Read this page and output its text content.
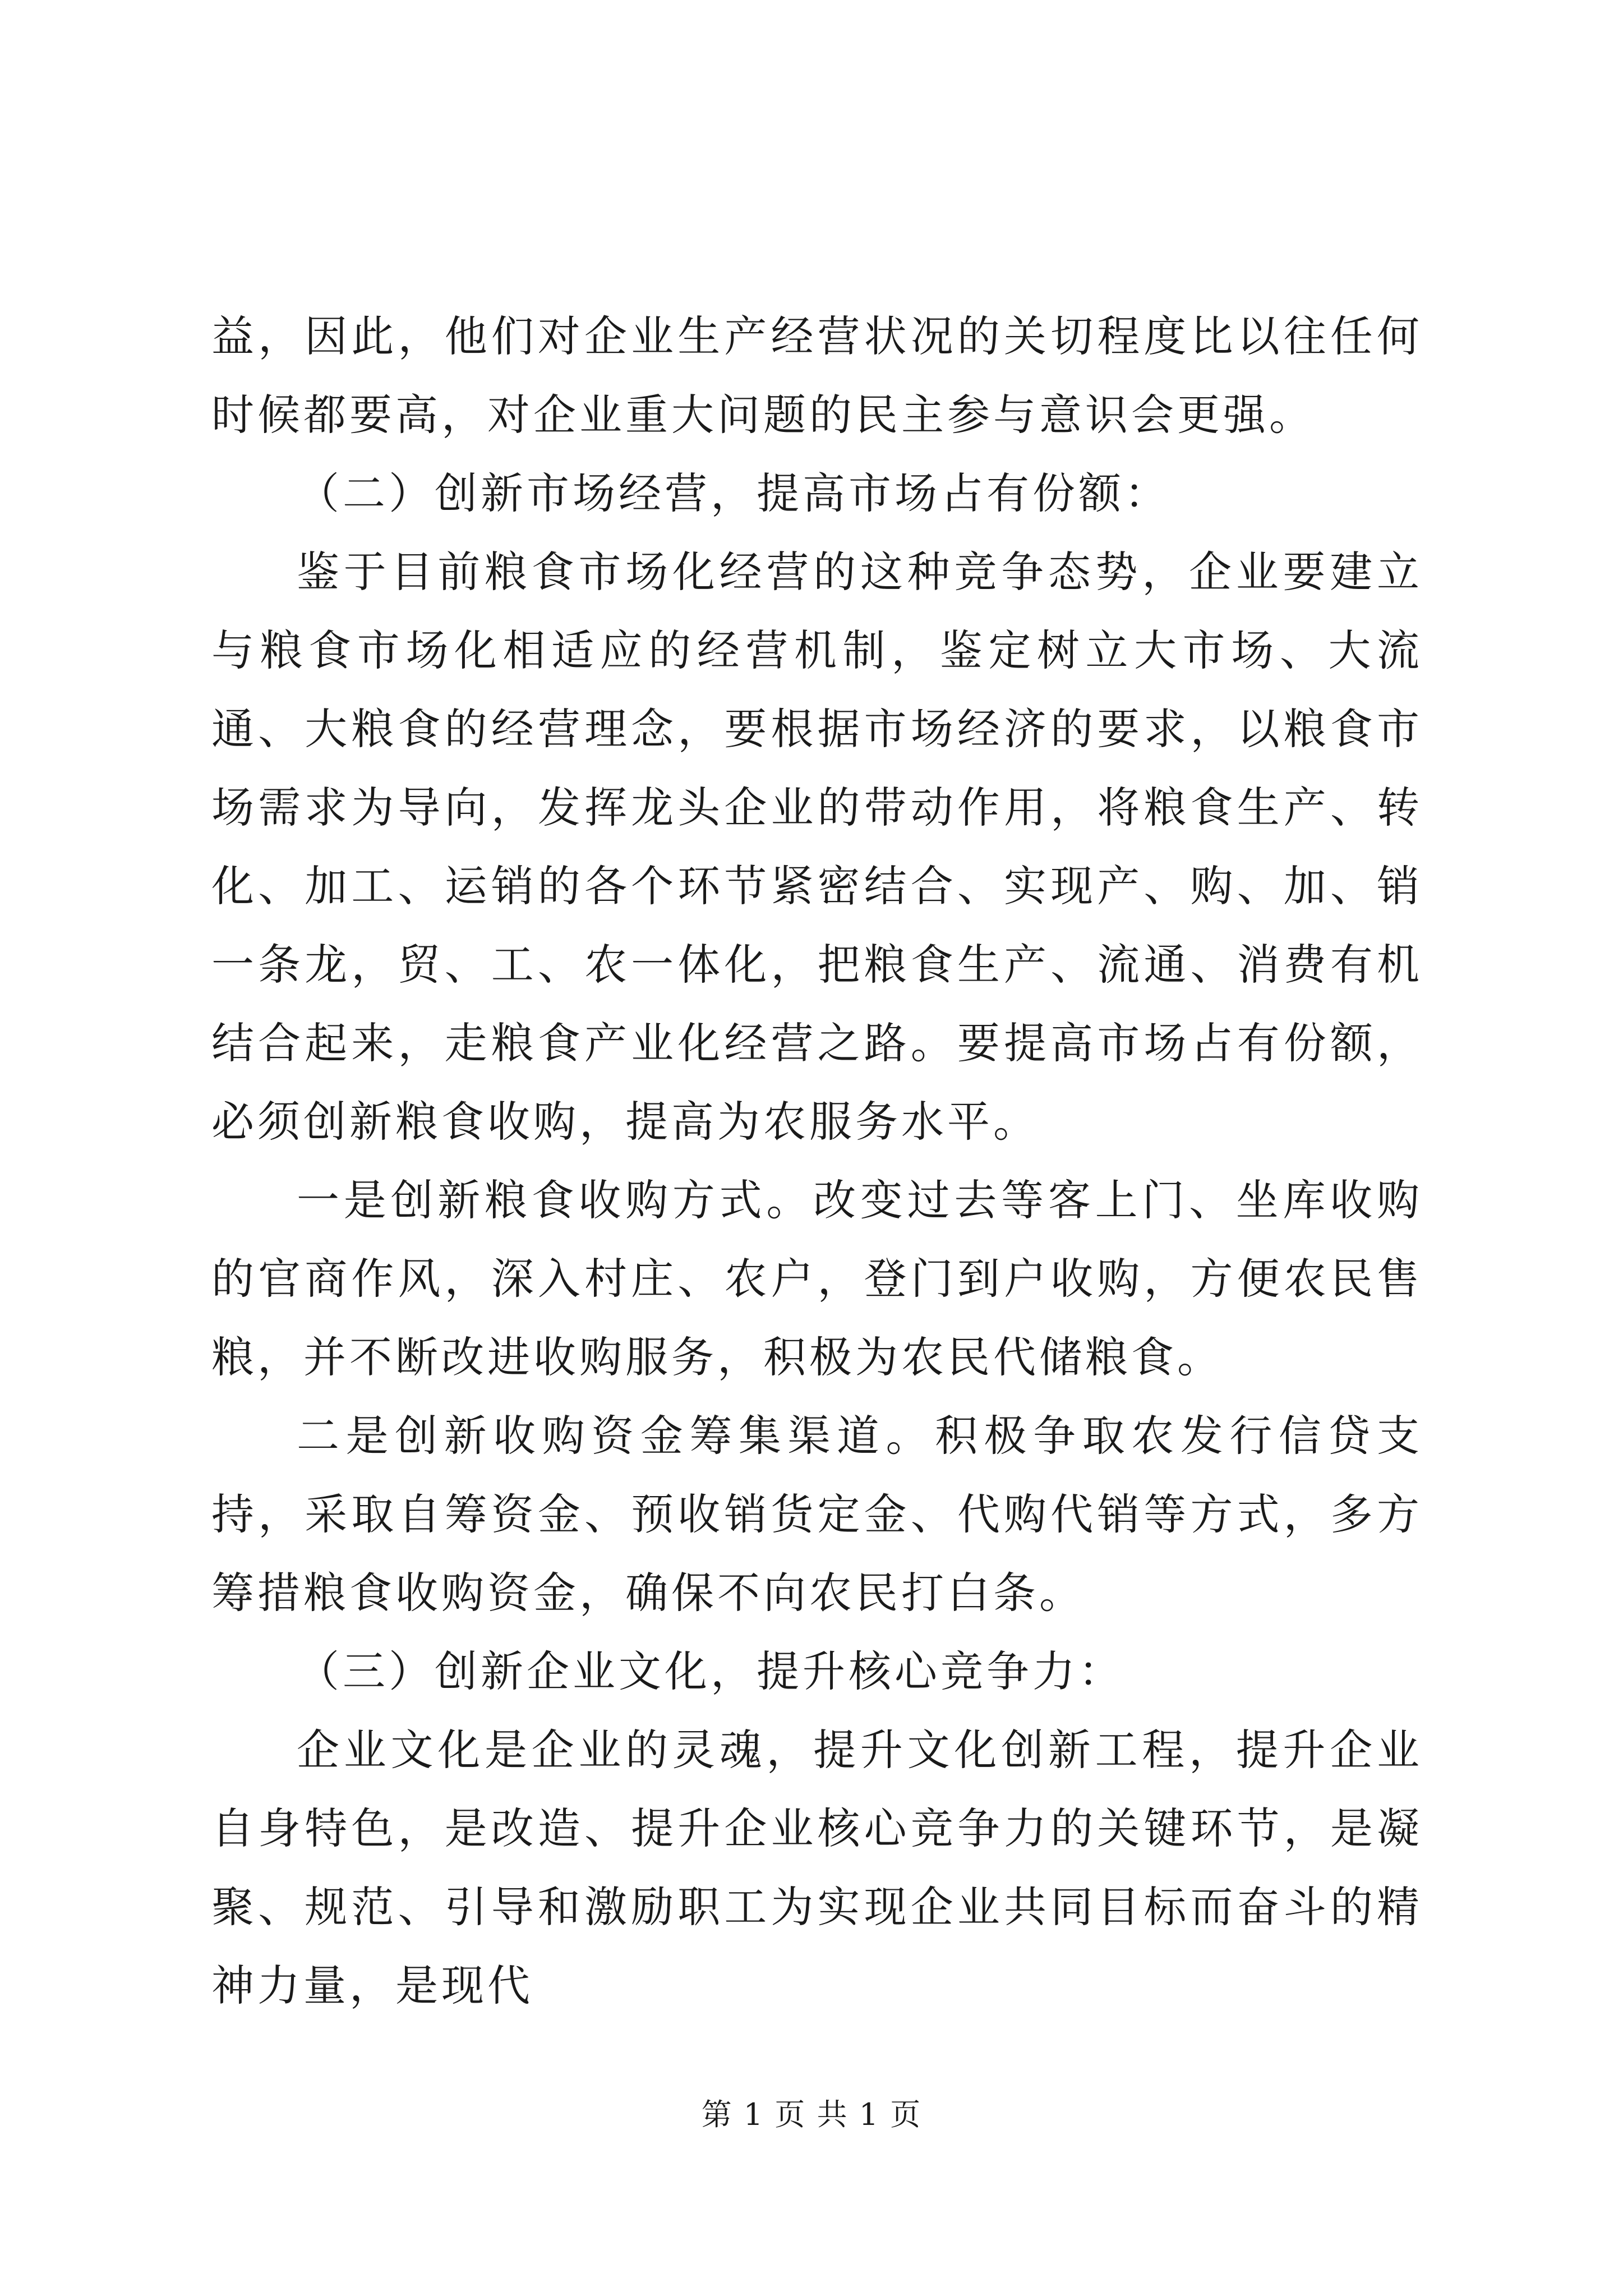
益，因此，他们对企业生产经营状况的关切程度比以往任何时候都要高，对企业重大问题的民主参与意识会更强。

（二）创新市场经营，提高市场占有份额：

鉴于目前粮食市场化经营的这种竞争态势，企业要建立与粮食市场化相适应的经营机制，鉴定树立大市场、大流通、大粮食的经营理念，要根据市场经济的要求，以粮食市场需求为导向，发挥龙头企业的带动作用，将粮食生产、转化、加工、运销的各个环节紧密结合、实现产、购、加、销一条龙，贸、工、农一体化，把粮食生产、流通、消费有机结合起来，走粮食产业化经营之路。要提高市场占有份额，必须创新粮食收购，提高为农服务水平。

一是创新粮食收购方式。改变过去等客上门、坐库收购的官商作风，深入村庄、农户，登门到户收购，方便农民售粮，并不断改进收购服务，积极为农民代储粮食。

二是创新收购资金筹集渠道。积极争取农发行信贷支持，采取自筹资金、预收销货定金、代购代销等方式，多方筹措粮食收购资金，确保不向农民打白条。

（三）创新企业文化，提升核心竞争力：

企业文化是企业的灵魂，提升文化创新工程，提升企业自身特色，是改造、提升企业核心竞争力的关键环节，是凝聚、规范、引导和激励职工为实现企业共同目标而奋斗的精神力量，是现代

第 1 页 共 1 页
